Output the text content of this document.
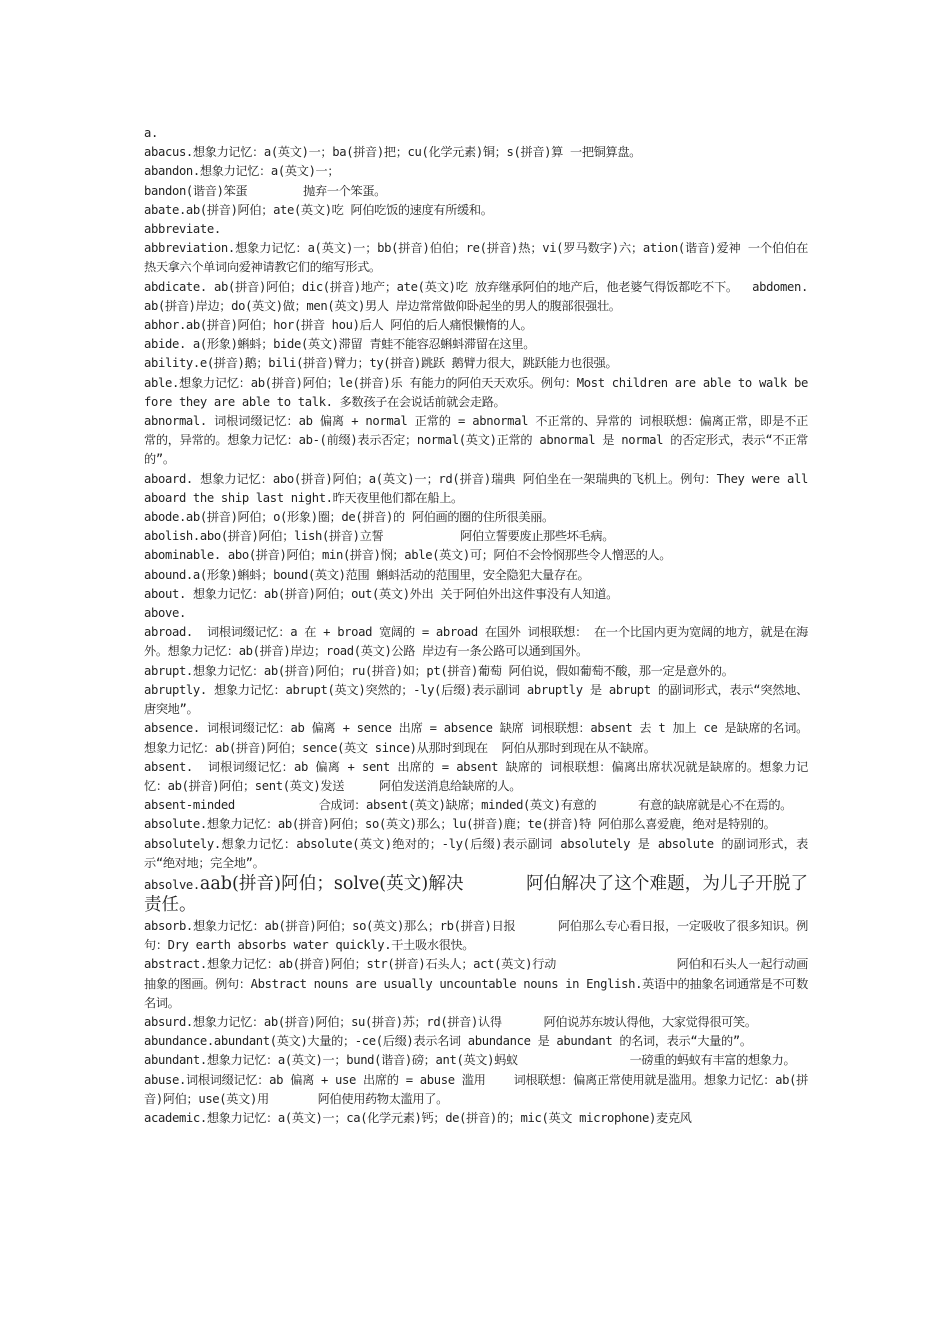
a.

abacus.想象力记忆：a(英文)一；ba(拼音)把；cu(化学元素)铜；s(拼音)算 一把铜算盘。

abandon.想象力记忆：a(英文)一；

bandon(谐音)笨蛋        抛弃一个笨蛋。

abate.ab(拼音)阿伯；ate(英文)吃 阿伯吃饭的速度有所缓和。

abbreviate.

abbreviation.想象力记忆：a(英文)一；bb(拼音)伯伯；re(拼音)热；vi(罗马数字)六；ation(谐音)爱神 一个伯伯在热天拿六个单词向爱神请教它们的缩写形式。

abdicate. ab(拼音)阿伯；dic(拼音)地产；ate(英文)吃 放弃继承阿伯的地产后，他老婆气得饭都吃不下。  abdomen.ab(拼音)岸边；do(英文)做；men(英文)男人 岸边常常做仰卧起坐的男人的腹部很强壮。

abhor.ab(拼音)阿伯；hor(拼音 hou)后人 阿伯的后人痛恨懒惰的人。

abide. a(形象)蝌蚪；bide(英文)滞留 青蛙不能容忍蝌蚪滞留在这里。

ability.e(拼音)鹅；bili(拼音)臂力；ty(拼音)跳跃 鹅臂力很大，跳跃能力也很强。

able.想象力记忆：ab(拼音)阿伯；le(拼音)乐 有能力的阿伯天天欢乐。例句：Most children are able to walk before they are able to talk. 多数孩子在会说话前就会走路。

abnormal. 词根词缀记忆：ab 偏离 + normal 正常的 = abnormal 不正常的、异常的 词根联想：偏离正常，即是不正常的，异常的。想象力记忆：ab-(前缀)表示否定；normal(英文)正常的 abnormal 是 normal 的否定形式，表示“不正常的”。

aboard. 想象力记忆：abo(拼音)阿伯；a(英文)一；rd(拼音)瑞典 阿伯坐在一架瑞典的飞机上。例句：They were all aboard the ship last night.昨天夜里他们都在船上。

abode.ab(拼音)阿伯；o(形象)圈；de(拼音)的 阿伯画的圈的住所很美丽。

abolish.abo(拼音)阿伯；lish(拼音)立誓           阿伯立誓要废止那些坏毛病。

abominable. abo(拼音)阿伯；min(拼音)悯；able(英文)可；阿伯不会怜悯那些令人憎恶的人。

abound.a(形象)蝌蚪；bound(英文)范围 蝌蚪活动的范围里，安全隐犯大量存在。

about. 想象力记忆：ab(拼音)阿伯；out(英文)外出 关于阿伯外出这件事没有人知道。

above.

abroad.  词根词缀记忆：a 在 + broad 宽阔的 = abroad 在国外 词根联想： 在一个比国内更为宽阔的地方，就是在海外。想象力记忆：ab(拼音)岸边；road(英文)公路 岸边有一条公路可以通到国外。

abrupt.想象力记忆：ab(拼音)阿伯；ru(拼音)如；pt(拼音)葡萄 阿伯说，假如葡萄不酸，那一定是意外的。

abruptly. 想象力记忆：abrupt(英文)突然的；-ly(后缀)表示副词 abruptly 是 abrupt 的副词形式，表示“突然地、唐突地”。

absence. 词根词缀记忆：ab 偏离 + sence 出席 = absence 缺席 词根联想：absent 去 t 加上 ce 是缺席的名词。想象力记忆：ab(拼音)阿伯；sence(英文 since)从那时到现在  阿伯从那时到现在从不缺席。

absent.  词根词缀记忆：ab 偏离 + sent 出席的 = absent 缺席的 词根联想：偏离出席状况就是缺席的。想象力记忆：ab(拼音)阿伯；sent(英文)发送     阿伯发送消息给缺席的人。

absent-minded            合成词：absent(英文)缺席；minded(英文)有意的      有意的缺席就是心不在焉的。

absolute.想象力记忆：ab(拼音)阿伯；so(英文)那么；lu(拼音)鹿；te(拼音)特 阿伯那么喜爱鹿，绝对是特别的。

absolutely.想象力记忆：absolute(英文)绝对的；-ly(后缀)表示副词 absolutely 是 absolute 的副词形式，表示“绝对地；完全地”。

absolve.aab(拼音)阿伯；solve(英文)解决           阿伯解决了这个难题，为儿子开脱了责任。

absorb.想象力记忆：ab(拼音)阿伯；so(英文)那么；rb(拼音)日报      阿伯那么专心看日报，一定吸收了很多知识。例句：Dry earth absorbs water quickly.干土吸水很快。

abstract.想象力记忆：ab(拼音)阿伯；str(拼音)石头人；act(英文)行动                 阿伯和石头人一起行动画抽象的图画。例句：Abstract nouns are usually uncountable nouns in English.英语中的抽象名词通常是不可数名词。

absurd.想象力记忆：ab(拼音)阿伯；su(拼音)苏；rd(拼音)认得      阿伯说苏东坡认得他，大家觉得很可笑。

abundance.abundant(英文)大量的；-ce(后缀)表示名词 abundance 是 abundant 的名词，表示“大量的”。

abundant.想象力记忆：a(英文)一；bund(谐音)磅；ant(英文)蚂蚁                一磅重的蚂蚁有丰富的想象力。

abuse.词根词缀记忆：ab 偏离 + use 出席的 = abuse 滥用    词根联想：偏离正常使用就是滥用。想象力记忆：ab(拼音)阿伯；use(英文)用       阿伯使用药物太滥用了。

academic.想象力记忆：a(英文)一；ca(化学元素)钙；de(拼音)的；mic(英文 microphone)麦克风
